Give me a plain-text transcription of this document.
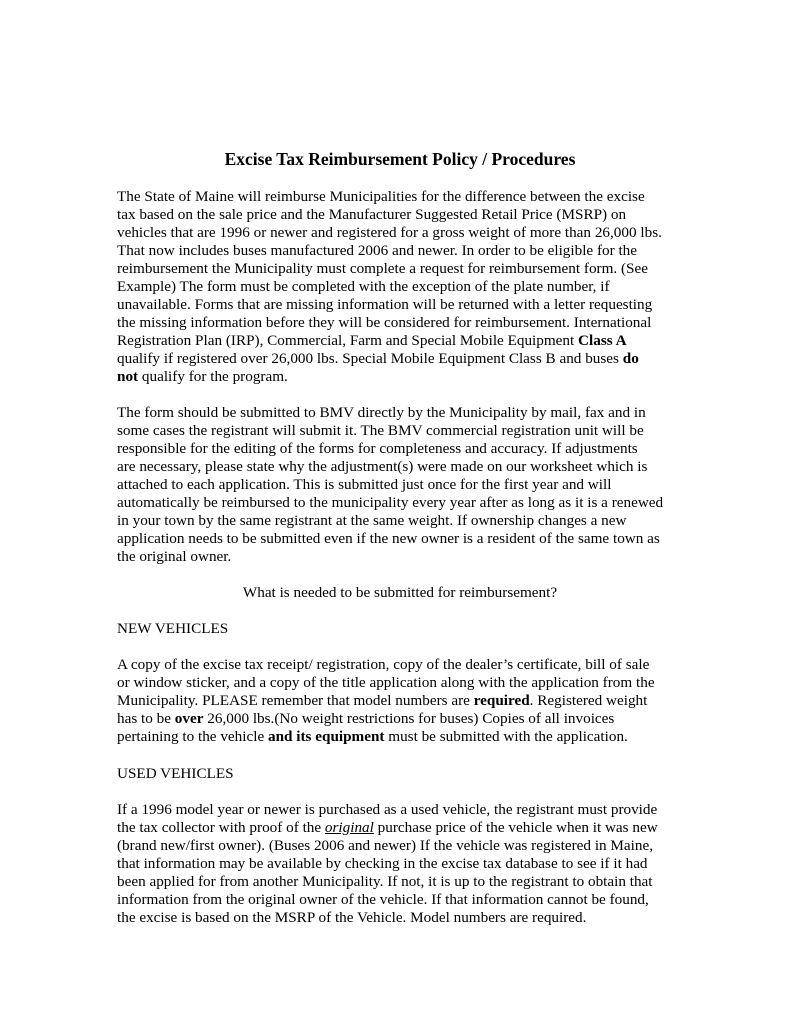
Excise Tax Reimbursement Policy / Procedures
The State of Maine will reimburse Municipalities for the difference between the excise
tax based on the sale price and the Manufacturer Suggested Retail Price (MSRP) on
vehicles that are 1996 or newer and registered for a gross weight of more than 26,000 lbs.
That now includes buses manufactured 2006 and newer. In order to be eligible for the
reimbursement the Municipality must complete a request for reimbursement form. (See
Example) The form must be completed with the exception of the plate number, if
unavailable. Forms that are missing information will be returned with a letter requesting
the missing information before they will be considered for reimbursement. International
Registration Plan (IRP), Commercial, Farm and Special Mobile Equipment Class A
qualify if registered over 26,000 lbs. Special Mobile Equipment Class B and buses do
not qualify for the program.
The form should be submitted to BMV directly by the Municipality by mail, fax and in
some cases the registrant will submit it. The BMV commercial registration unit will be
responsible for the editing of the forms for completeness and accuracy. If adjustments
are necessary, please state why the adjustment(s) were made on our worksheet which is
attached to each application. This is submitted just once for the first year and will
automatically be reimbursed to the municipality every year after as long as it is a renewed
in your town by the same registrant at the same weight. If ownership changes a new
application needs to be submitted even if the new owner is a resident of the same town as
the original owner.
What is needed to be submitted for reimbursement?
NEW VEHICLES
A copy of the excise tax receipt/ registration, copy of the dealer’s certificate, bill of sale
or window sticker, and a copy of the title application along with the application from the
Municipality. PLEASE remember that model numbers are required. Registered weight
has to be over 26,000 lbs.(No weight restrictions for buses) Copies of all invoices
pertaining to the vehicle and its equipment must be submitted with the application.
USED VEHICLES
If a 1996 model year or newer is purchased as a used vehicle, the registrant must provide
the tax collector with proof of the original purchase price of the vehicle when it was new
(brand new/first owner). (Buses 2006 and newer) If the vehicle was registered in Maine,
that information may be available by checking in the excise tax database to see if it had
been applied for from another Municipality. If not, it is up to the registrant to obtain that
information from the original owner of the vehicle. If that information cannot be found,
the excise is based on the MSRP of the Vehicle. Model numbers are required.
